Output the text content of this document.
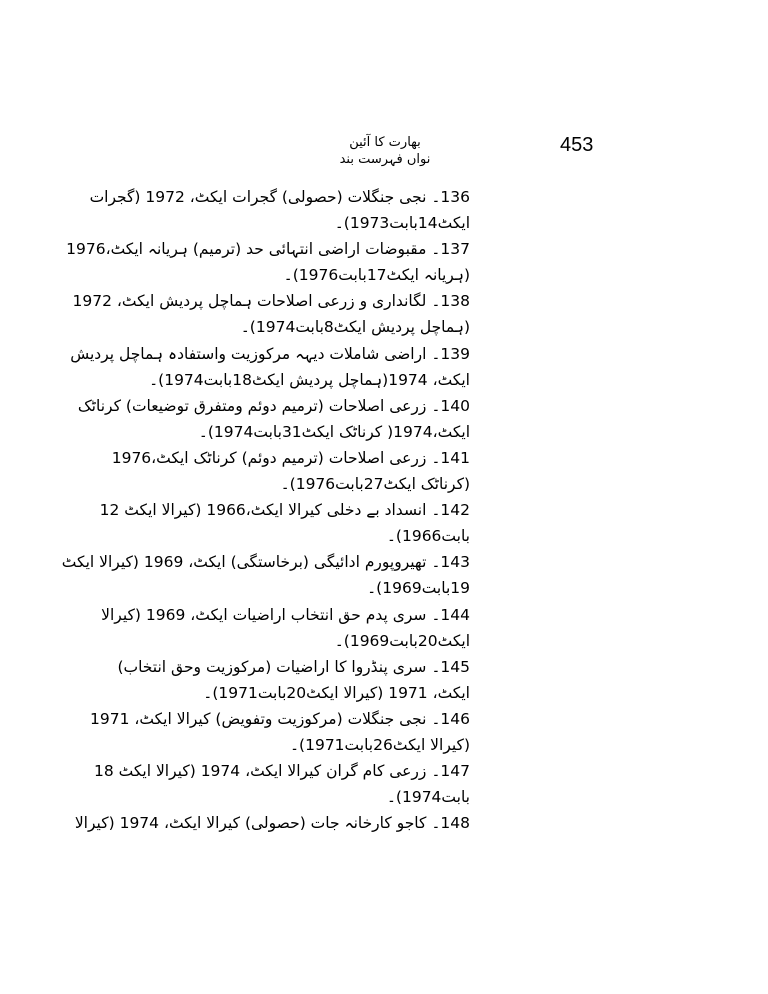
453
بھارت کا آئین
نواں فہرست بند
136۔ نجی جنگلات (حصولی) گجرات ایکٹ، 1972 (گجرات
ایکٹ14بابت1973)۔
137۔ مقبوضات اراضی انتہائی حد (ترمیم) ہریانہ ایکٹ،1976
(ہریانہ ایکٹ17بابت1976)۔
138۔ لگانداری و زرعی اصلاحات ہماچل پردیش ایکٹ، 1972
(ہماچل پردیش ایکٹ8بابت1974)۔
139۔ اراضی شاملات دیہہ مرکوزیت واستفادہ ہماچل پردیش
ایکٹ، 1974(ہماچل پردیش ایکٹ18بابت1974)۔
140۔ زرعی اصلاحات (ترمیم دوئم ومتفرق توضیعات) کرناٹک
ایکٹ،1974( کرناٹک ایکٹ31بابت1974)۔
141۔ زرعی اصلاحات (ترمیم دوئم) کرناٹک ایکٹ،1976
(کرناٹک ایکٹ27بابت1976)۔
142۔ انسداد بے دخلی کیرالا ایکٹ،1966 (کیرالا ایکٹ 12
بابت1966)۔
143۔ تھیروپورم ادائیگی (برخاستگی) ایکٹ، 1969 (کیرالا ایکٹ
19بابت1969)۔
144۔ سری پدم حق انتخاب اراضیات ایکٹ، 1969 (کیرالا
ایکٹ20بابت1969)۔
145۔ سری پنڈروا کا اراضیات (مرکوزیت وحق انتخاب)
ایکٹ، 1971 (کیرالا ایکٹ20بابت1971)۔
146۔ نجی جنگلات (مرکوزیت وتفویض) کیرالا ایکٹ، 1971
(کیرالا ایکٹ26بابت1971)۔
147۔ زرعی کام گران کیرالا ایکٹ، 1974 (کیرالا ایکٹ 18
بابت1974)۔
148۔ کاجو کارخانہ جات (حصولی) کیرالا ایکٹ، 1974 (کیرالا
